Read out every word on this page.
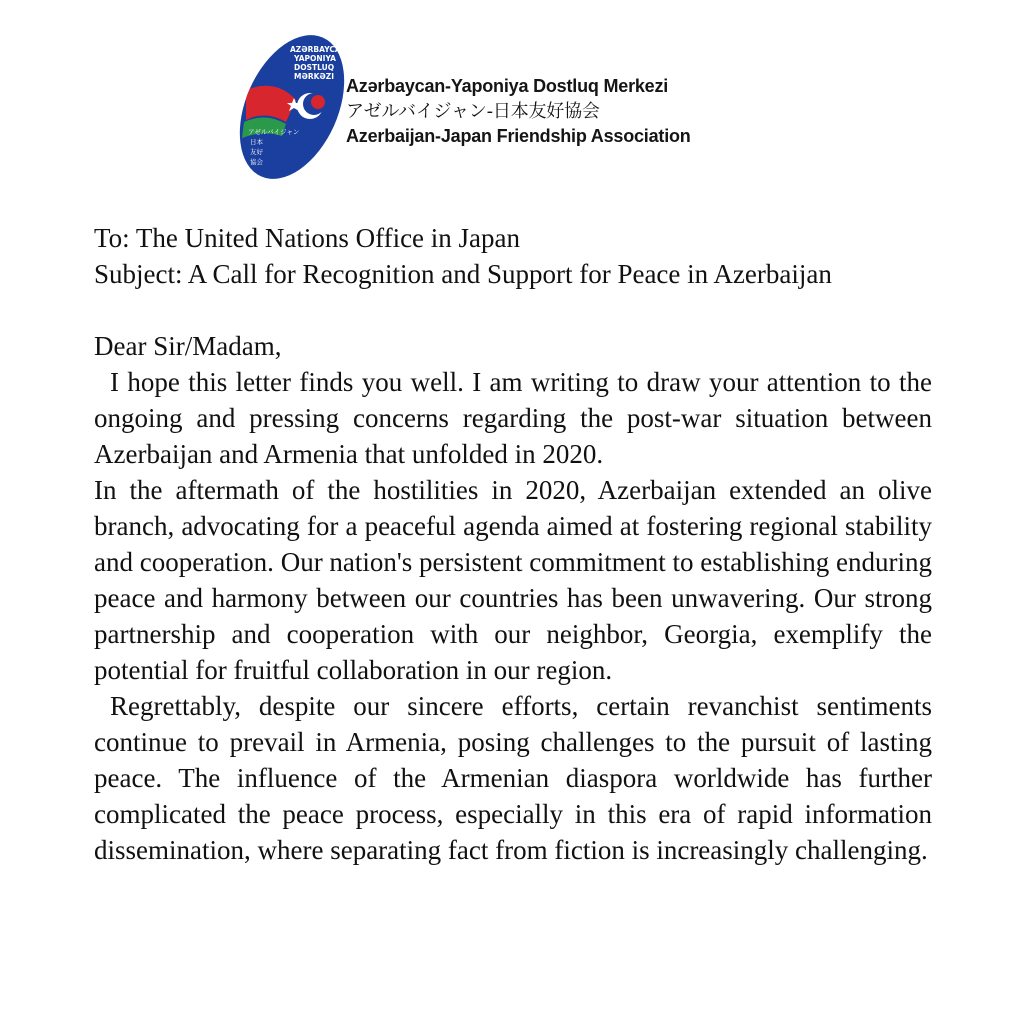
AZƏRBAYCAN
YAPONIYA
DOSTLUQ
MƏRKƏZI
アゼルバイジャン
日本
友好
協会
Azərbaycan-Yaponiya Dostluq Merkezi
アゼルバイジャン-日本友好協会
Azerbaijan-Japan Friendship Association

To: The United Nations Office in Japan

Subject: A Call for Recognition and Support for Peace in Azerbaijan

Dear Sir/Madam,

I hope this letter finds you well. I am writing to draw your attention to the ongoing and pressing concerns regarding the post-war situation between Azerbaijan and Armenia that unfolded in 2020.

In the aftermath of the hostilities in 2020, Azerbaijan extended an olive branch, advocating for a peaceful agenda aimed at fostering regional stability and cooperation. Our nation's persistent commitment to establishing enduring peace and harmony between our countries has been unwavering. Our strong partnership and cooperation with our neighbor, Georgia, exemplify the potential for fruitful collaboration in our region.

Regrettably, despite our sincere efforts, certain revanchist sentiments continue to prevail in Armenia, posing challenges to the pursuit of lasting peace. The influence of the Armenian diaspora worldwide has further complicated the peace process, especially in this era of rapid information dissemination, where separating fact from fiction is increasingly challenging.
